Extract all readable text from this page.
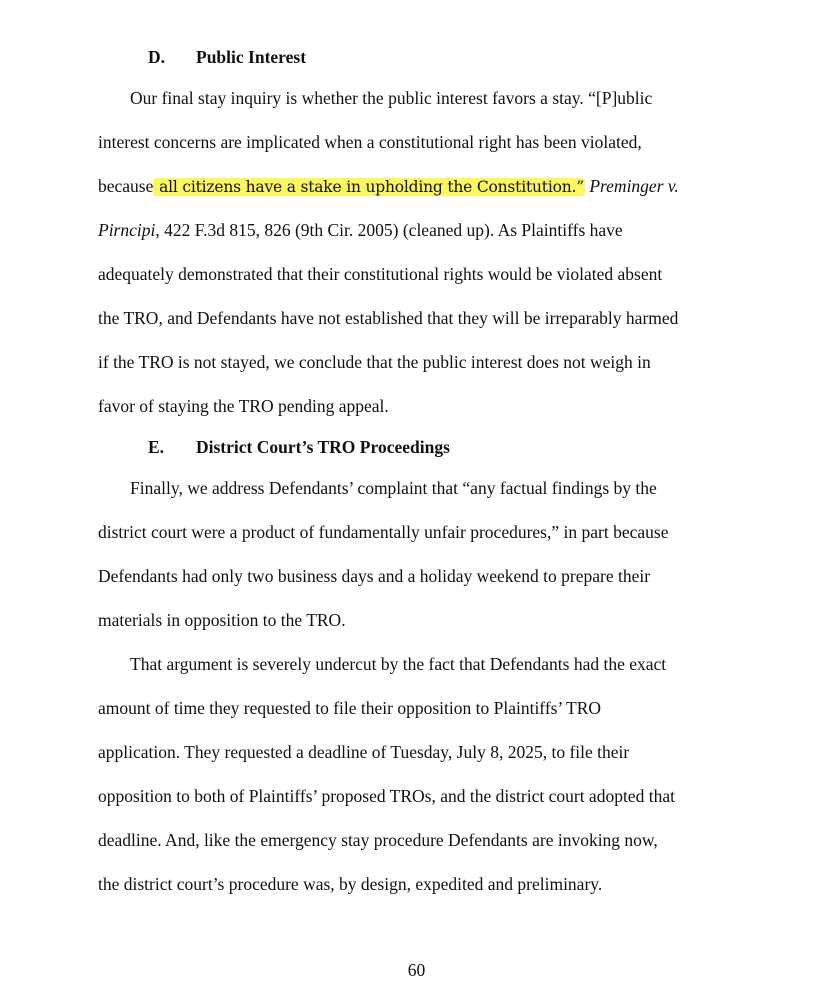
D. Public Interest
Our final stay inquiry is whether the public interest favors a stay. “[P]ublic
interest concerns are implicated when a constitutional right has been violated,
because all citizens have a stake in upholding the Constitution.” Preminger v.
Pirncipi, 422 F.3d 815, 826 (9th Cir. 2005) (cleaned up). As Plaintiffs have
adequately demonstrated that their constitutional rights would be violated absent
the TRO, and Defendants have not established that they will be irreparably harmed
if the TRO is not stayed, we conclude that the public interest does not weigh in
favor of staying the TRO pending appeal.
E. District Court’s TRO Proceedings
Finally, we address Defendants’ complaint that “any factual findings by the
district court were a product of fundamentally unfair procedures,” in part because
Defendants had only two business days and a holiday weekend to prepare their
materials in opposition to the TRO.
That argument is severely undercut by the fact that Defendants had the exact
amount of time they requested to file their opposition to Plaintiffs’ TRO
application. They requested a deadline of Tuesday, July 8, 2025, to file their
opposition to both of Plaintiffs’ proposed TROs, and the district court adopted that
deadline. And, like the emergency stay procedure Defendants are invoking now,
the district court’s procedure was, by design, expedited and preliminary.
60
